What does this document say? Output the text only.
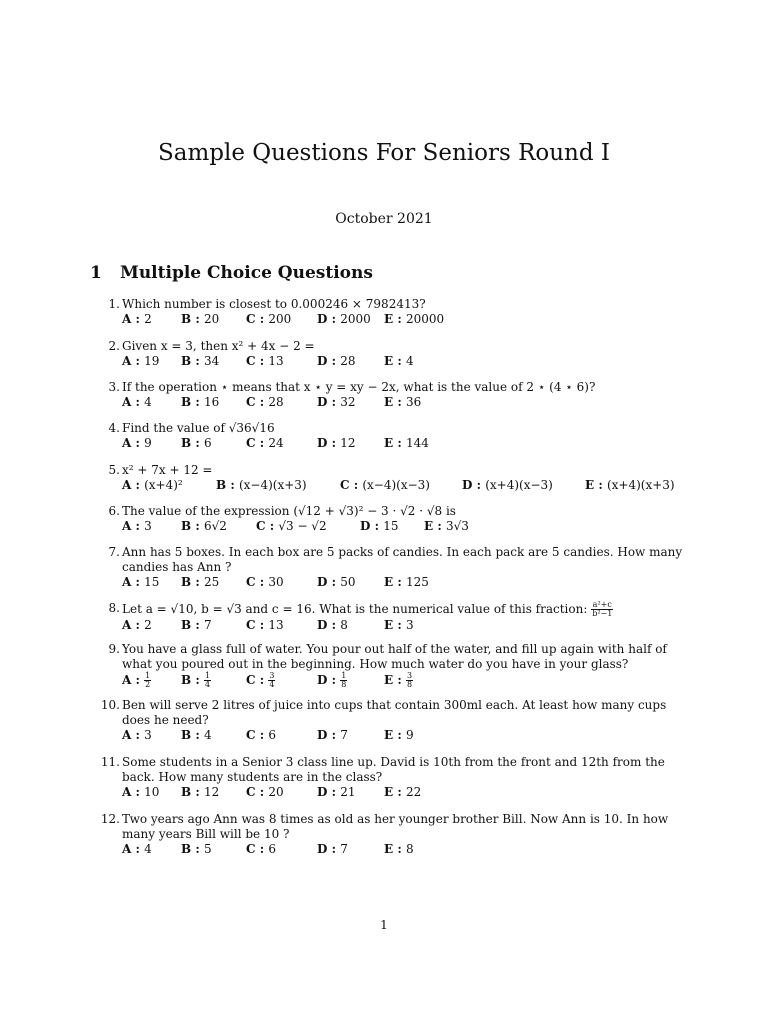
Sample Questions For Seniors Round I
October 2021
1 Multiple Choice Questions
1. Which number is closest to 0.000246 × 7982413?
A : 2 B : 20 C : 200 D : 2000 E : 20000
2. Given x = 3, then x² + 4x − 2 =
A : 19 B : 34 C : 13	D : 28 E : 4
3. If the operation ⋆ means that x ⋆ y = xy − 2x, what is the value of 2 ⋆ (4 ⋆ 6)?
A : 4 B : 16 C : 28	D : 32 E : 36
4. Find the value of √36√16
A : 9 B : 6	C : 24	D : 12 E : 144
5. x² + 7x + 12 =
A : (x+4)²	B : (x−4)(x+3)	C : (x−4)(x−3)	D : (x+4)(x−3)	E : (x+4)(x+3)
6. The value of the expression (√12 + √3)² − 3 · √2 · √8 is
A : 3 B : 6√2 C : √3 − √2	D : 15 E : 3√3
7. Ann has 5 boxes. In each box are 5 packs of candies. In each pack are 5 candies. How many candies has Ann ?
A : 15 B : 25 C : 30	D : 50 E : 125
8. Let a = √10, b = √3 and c = 16. What is the numerical value of this fraction: $\frac{\text{a²+c}}{\text{b²−1}}$
A : 2 B : 7	C : 13	D : 8	E : 3
9. You have a glass full of water. You pour out half of the water, and fill up again with half of what you poured out in the beginning. How much water do you have in your glass?
A : $\frac{1}{2}$ B : $\frac{1}{4}$	C : $\frac{3}{4}$	D : $\frac{1}{8}$	E : $\frac{3}{8}$
10. Ben will serve 2 litres of juice into cups that contain 300ml each. At least how many cups does he need?
A : 3 B : 4	C : 6	D : 7	E : 9
11. Some students in a Senior 3 class line up. David is 10th from the front and 12th from the back. How many students are in the class?
A : 10 B : 12 C : 20	D : 21 E : 22
12. Two years ago Ann was 8 times as old as her younger brother Bill. Now Ann is 10. In how many years Bill will be 10 ?
A : 4 B : 5	C : 6	D : 7	E : 8
1
